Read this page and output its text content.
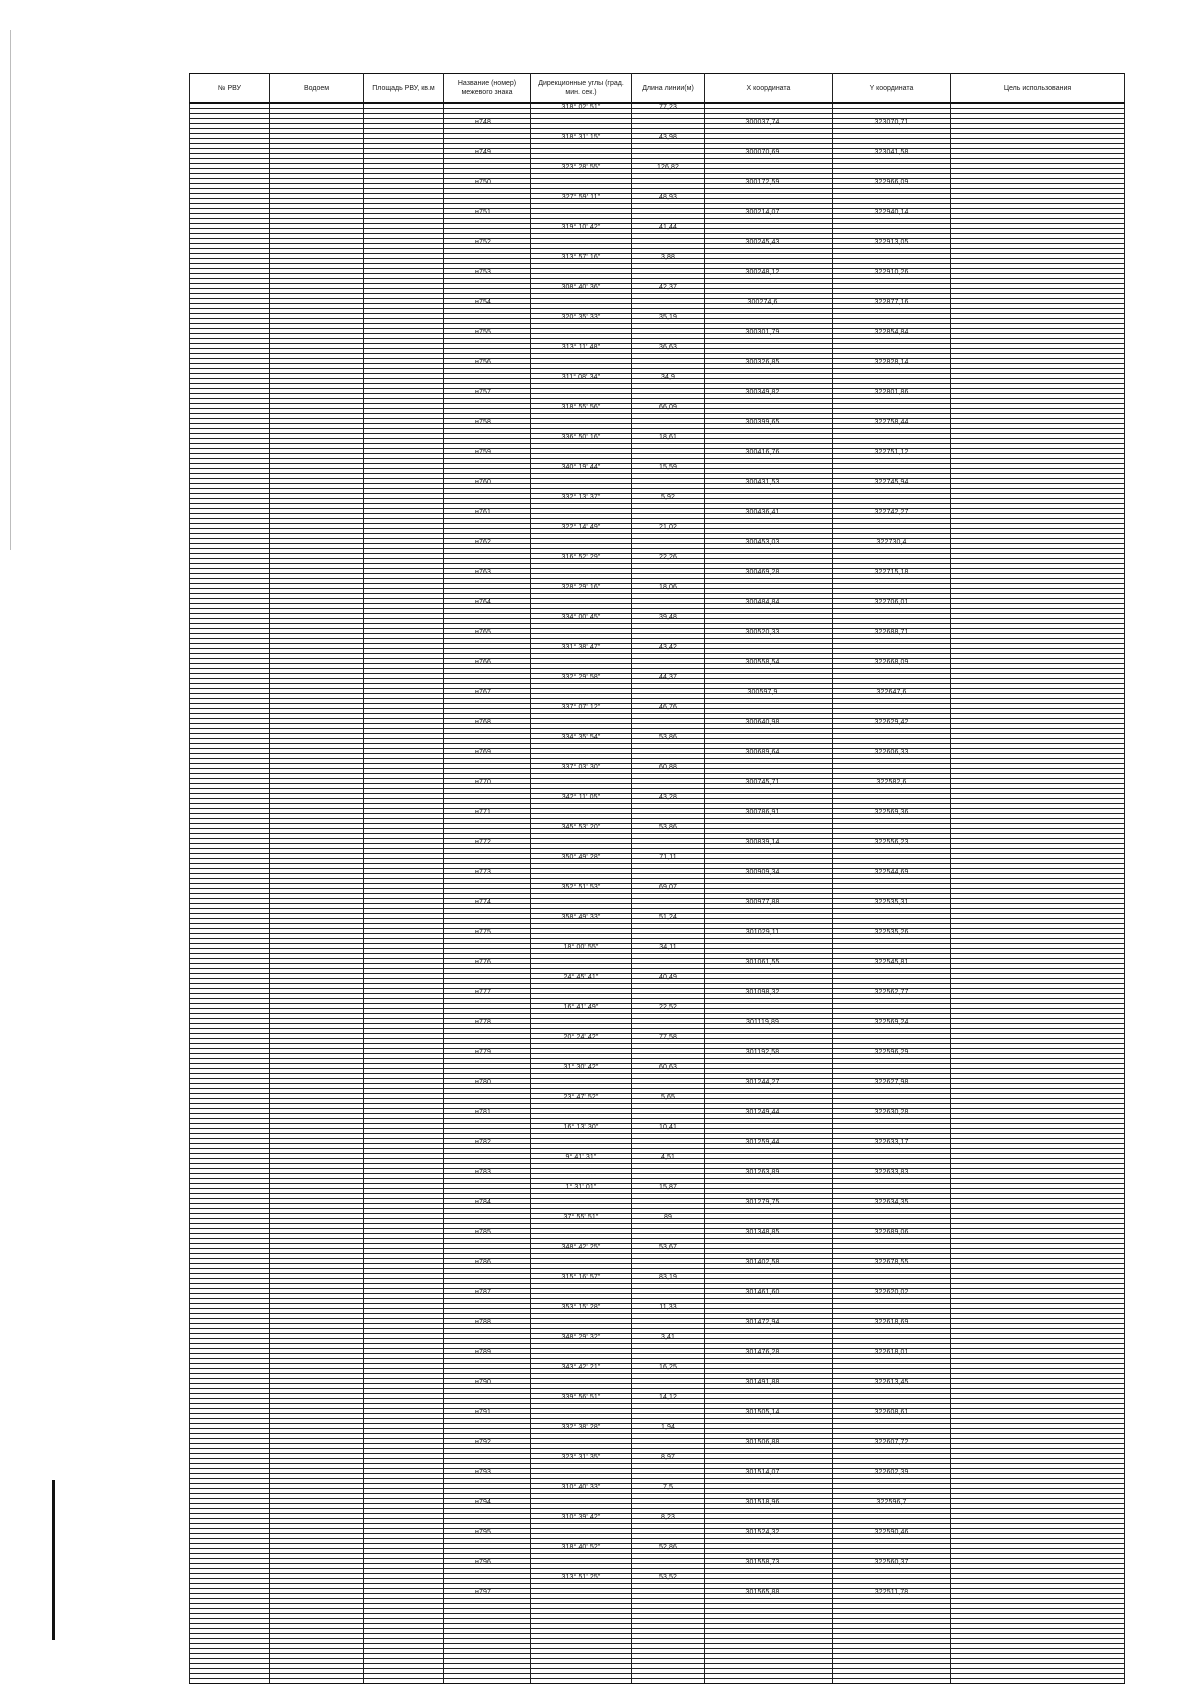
№ РВУ	Водоем	Площадь РВУ, кв.м	Название (номер) межевого знака	Дирекционные углы (град. мин. сек.)	Длина линии(м)	X координата	Y координата	Цель использования

				318° 02' 51"	77,23			

			н748			300037,74	323070,71	

				318° 31' 15"	43,98			

			н749			300070,69	323041,58	

				323° 28' 55"	126,82			

			н750			300172,59	322966,09	

				327° 59' 11"	48,93			

			н751			300214,07	322940,14	

				319° 10' 42"	41,44			

			н752			300245,43	322913,05	

				313° 57' 16"	3,88			

			н753			300248,12	322910,26	

				308° 40' 36"	42,37			

			н754			300274,6	322877,16	

				320° 35' 33"	35,19			

			н755			300301,79	322854,84	

				313° 11' 48"	36,63			

			н756			300326,85	322828,14	

				311° 08' 34"	34,9			

			н757			300349,82	322801,86	

				318° 55' 56"	66,09			

			н758			300399,65	322758,44	

				336° 50' 16"	18,61			

			н759			300416,76	322751,12	

				340° 19' 44"	15,59			

			н760			300431,53	322745,94	

				332° 13' 37"	5,92			

			н761			300436,41	322742,27	

				322° 14' 49"	21,02			

			н762			300453,03	322730,4	

				316° 52' 29"	22,26			

			н763			300469,28	322715,18	

				328° 29' 16"	18,06			

			н764			300484,84	322706,01	

				334° 00' 45"	39,48			

			н765			300520,33	322688,71	

				331° 38' 47"	43,42			

			н766			300558,54	322668,09	

				332° 29' 58"	44,37			

			н767			300597,9	322647,6	

				337° 07' 12"	46,76			

			н768			300640,98	322629,42	

				334° 35' 54"	53,86			

			н769			300689,64	322606,33	

				337° 03' 30"	60,88			

			н770			300745,71	322582,6	

				342° 11' 05"	43,28			

			н771			300786,91	322569,36	

				345° 53' 20"	53,86			

			н772			300839,14	322556,23	

				350° 49' 28"	71,11			

			н773			300909,34	322544,69	

				352° 51' 53"	69,07			

			н774			300977,88	322535,31	

				358° 49' 33"	51,24			

			н775			301029,11	322535,26	

				18° 00' 55"	34,11			

			н776			301061,55	322545,81	

				24° 45' 41"	40,49			

			н777			301098,32	322562,77	

				16° 41' 49"	22,52			

			н778			301119,89	322569,24	

				20° 24' 42"	77,58			

			н779			301192,58	322596,29	

				31° 30' 42"	60,63			

			н780			301244,27	322627,98	

				23° 47' 52"	5,65			

			н781			301249,44	322630,28	

				16° 13' 30"	10,41			

			н782			301259,44	322633,17	

				9° 41' 31"	4,51			

			н783			301263,89	322633,83	

				1° 31' 01"	15,87			

			н784			301279,75	322634,35	

				37° 55' 51"	89			

			н785			301348,85	322689,06	

				348° 42' 25"	53,67			

			н786			301402,58	322678,55	

				315° 16' 57"	83,19			

			н787			301461,60	322620,02	

				353° 15' 28"	11,33			

			н788			301472,94	322618,69	

				348° 29' 32"	3,41			

			н789			301476,28	322618,01	

				343° 42' 21"	16,25			

			н790			301491,88	322613,45	

				339° 56' 51"	14,12			

			н791			301505,14	322608,61	

				332° 38' 28"	1,94			

			н792			301506,88	322607,72	

				323° 31' 35"	8,97			

			н793			301514,07	322602,39	

				310° 40' 33"	7,5			

			н794			301518,96	322596,7	

				310° 39' 42"	8,23			

			н795			301524,32	322590,46	

				318° 40' 52"	52,86			

			н796			301558,73	322560,37	

				313° 51' 25"	53,52			

			н797			301565,88	322511,78	
